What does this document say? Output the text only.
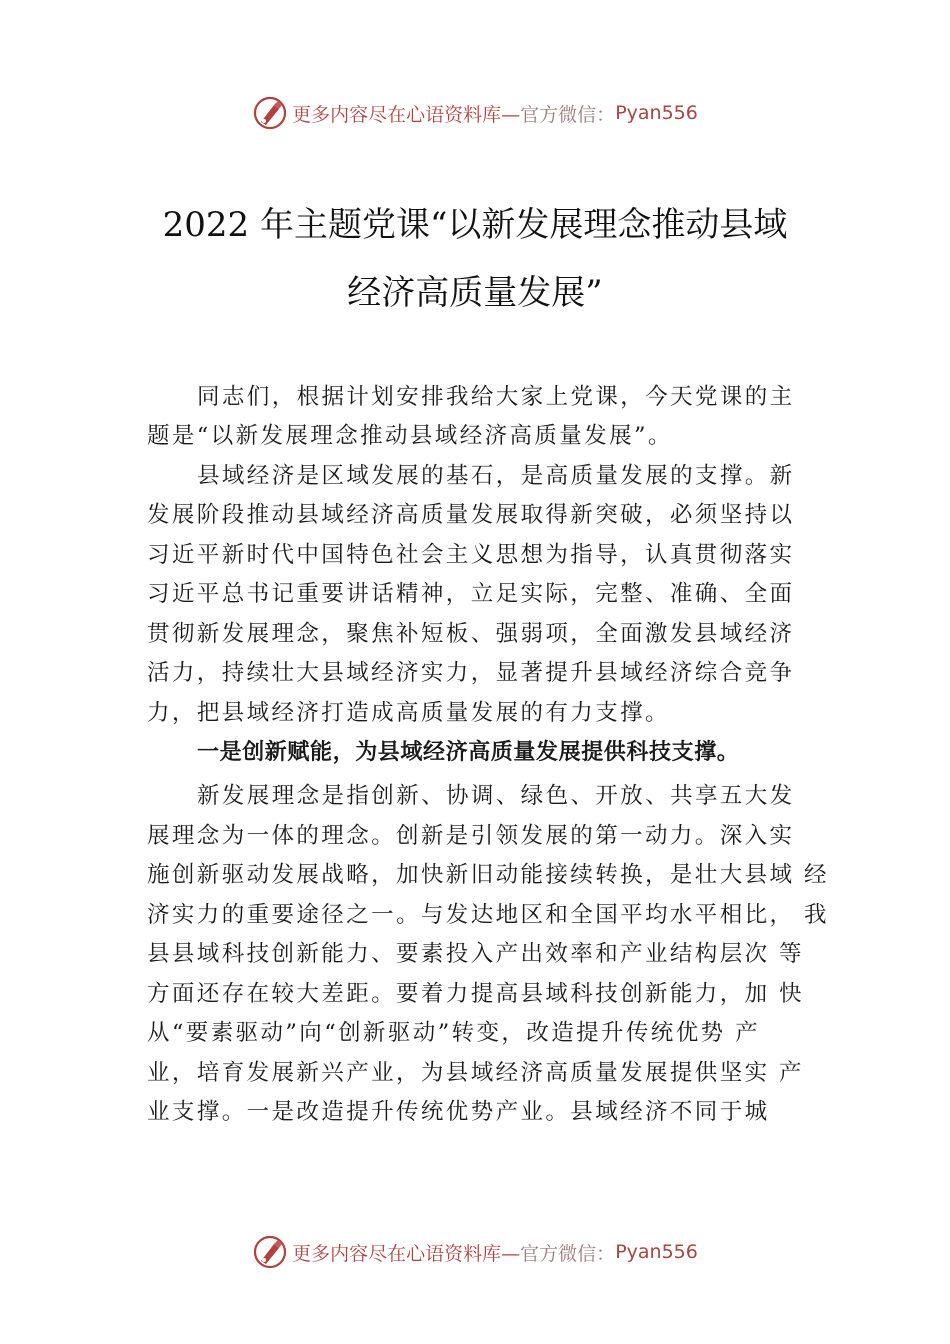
更多内容尽在心语资料库— 官方微信： Pyan556
2022 年主题党课“以新发展理念推动县域
经济高质量发展”
同志们，根据计划安排我给大家上党课，今天党课的主
题是“以新发展理念推动县域经济高质量发展”。
县域经济是区域发展的基石，是高质量发展的支撑。新
发展阶段推动县域经济高质量发展取得新突破，必须坚持以
习近平新时代中国特色社会主义思想为指导，认真贯彻落实
习近平总书记重要讲话精神，立足实际，完整、准确、全面
贯彻新发展理念，聚焦补短板、强弱项，全面激发县域经济
活力，持续壮大县域经济实力，显著提升县域经济综合竞争
力，把县域经济打造成高质量发展的有力支撑。
一是创新赋能，为县域经济高质量发展提供科技支撑。
新发展理念是指创新、协调、绿色、开放、共享五大发
展理念为一体的理念。创新是引领发展的第一动力。深入实
施创新驱动发展战略，加快新旧动能接续转换，是壮大县域 经
济实力的重要途径之一。与发达地区和全国平均水平相比， 我
县县域科技创新能力、要素投入产出效率和产业结构层次 等
方面还存在较大差距。要着力提高县域科技创新能力，加 快
从“要素驱动”向“创新驱动”转变，改造提升传统优势 产
业，培育发展新兴产业，为县域经济高质量发展提供坚实 产
业支撑。一是改造提升传统优势产业。县域经济不同于城
更多内容尽在心语资料库— 官方微信： Pyan556
